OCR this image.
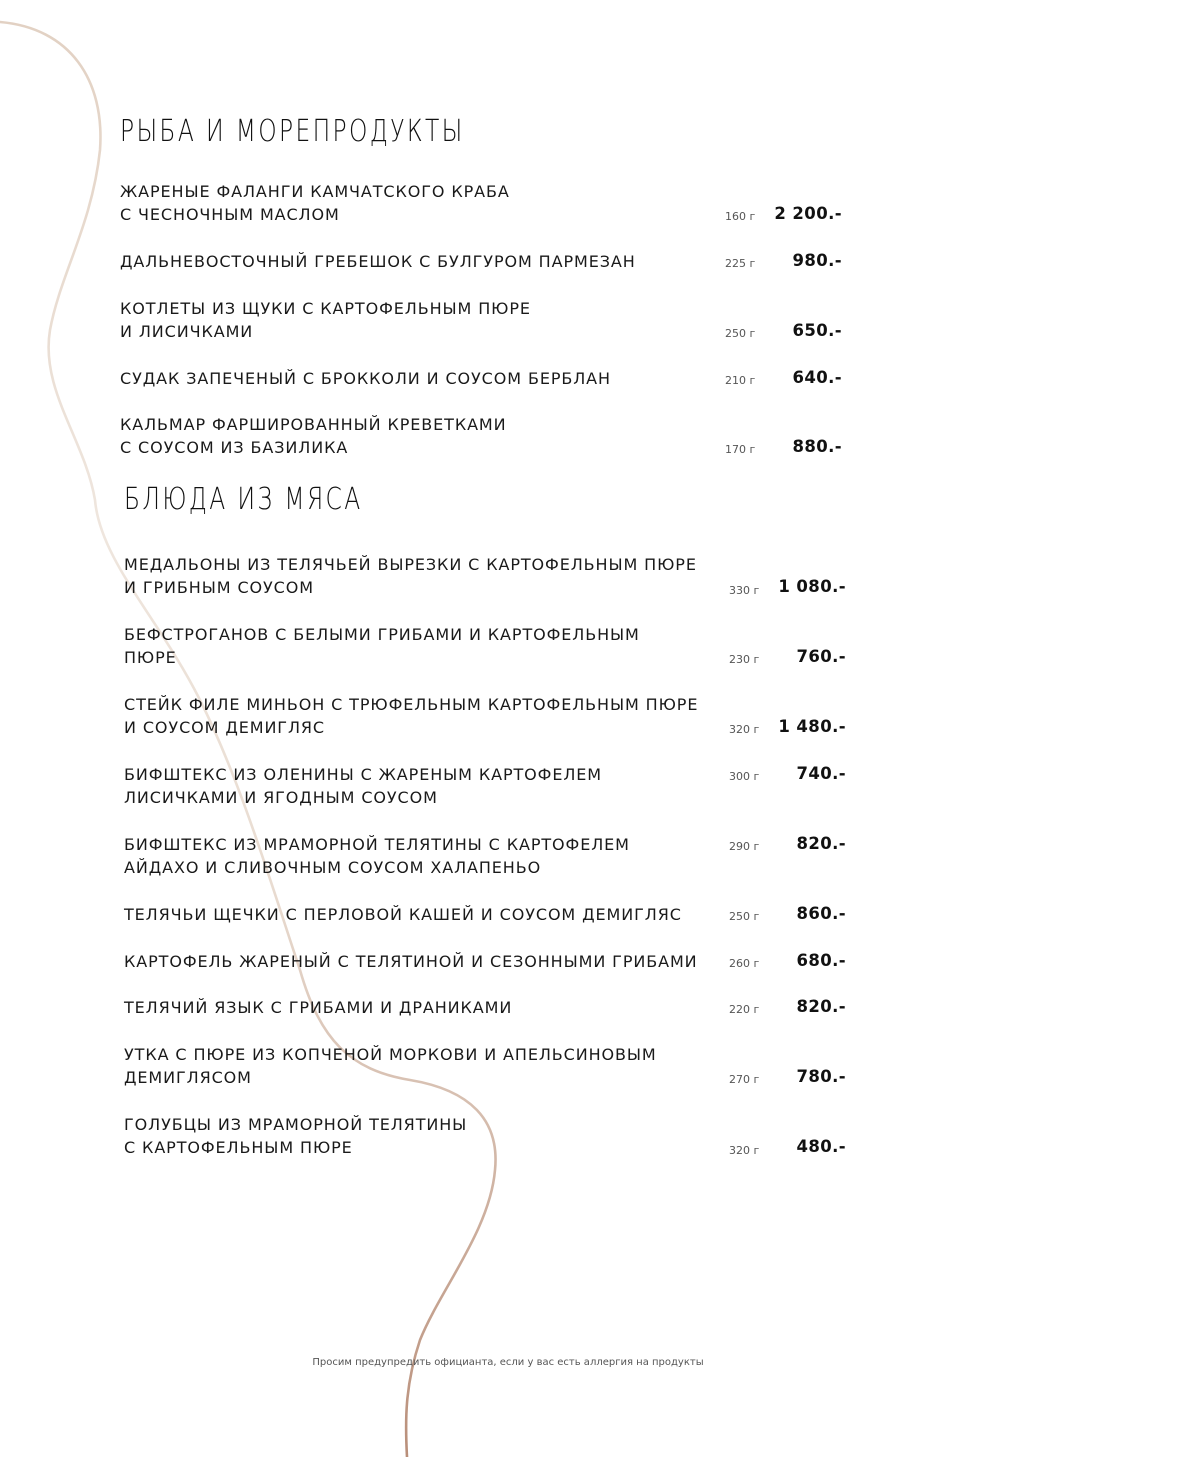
РЫБА И МОРЕПРОДУКТЫ
ЖАРЕНЫЕ ФАЛАНГИ КАМЧАТСКОГО КРАБА
С ЧЕСНОЧНЫМ МАСЛОМ	160 г	2 200.-
ДАЛЬНЕВОСТОЧНЫЙ ГРЕБЕШОК С БУЛГУРОМ ПАРМЕЗАН	225 г	980.-
КОТЛЕТЫ ИЗ ЩУКИ С КАРТОФЕЛЬНЫМ ПЮРЕ
И ЛИСИЧКАМИ	250 г	650.-
СУДАК ЗАПЕЧЕНЫЙ С БРОККОЛИ И СОУСОМ БЕРБЛАН	210 г	640.-
КАЛЬМАР ФАРШИРОВАННЫЙ КРЕВЕТКАМИ
С СОУСОМ ИЗ БАЗИЛИКА	170 г	880.-
БЛЮДА ИЗ МЯСА
МЕДАЛЬОНЫ ИЗ ТЕЛЯЧЬЕЙ ВЫРЕЗКИ С КАРТОФЕЛЬНЫМ ПЮРЕ
И ГРИБНЫМ СОУСОМ	330 г	1 080.-
БЕФСТРОГАНОВ С БЕЛЫМИ ГРИБАМИ И КАРТОФЕЛЬНЫМ
ПЮРЕ	230 г	760.-
СТЕЙК ФИЛЕ МИНЬОН С ТРЮФЕЛЬНЫМ КАРТОФЕЛЬНЫМ ПЮРЕ
И СОУСОМ ДЕМИГЛЯС	320 г	1 480.-
БИФШТЕКС ИЗ ОЛЕНИНЫ С ЖАРЕНЫМ КАРТОФЕЛЕМ
ЛИСИЧКАМИ И ЯГОДНЫМ СОУСОМ
300 г	740.-
БИФШТЕКС ИЗ МРАМОРНОЙ ТЕЛЯТИНЫ С КАРТОФЕЛЕМ
АЙДАХО И СЛИВОЧНЫМ СОУСОМ ХАЛАПЕНЬО
290 г	820.-
ТЕЛЯЧЬИ ЩЕЧКИ С ПЕРЛОВОЙ КАШЕЙ И СОУСОМ ДЕМИГЛЯС	250 г	860.-
КАРТОФЕЛЬ ЖАРЕНЫЙ С ТЕЛЯТИНОЙ И СЕЗОННЫМИ ГРИБАМИ	260 г	680.-
ТЕЛЯЧИЙ ЯЗЫК С ГРИБАМИ И ДРАНИКАМИ	220 г	820.-
УТКА С ПЮРЕ ИЗ КОПЧЕНОЙ МОРКОВИ И АПЕЛЬСИНОВЫМ
ДЕМИГЛЯСОМ	270 г	780.-
ГОЛУБЦЫ ИЗ МРАМОРНОЙ ТЕЛЯТИНЫ
С КАРТОФЕЛЬНЫМ ПЮРЕ	320 г	480.-
Просим предупредить официанта, если у вас есть аллергия на продукты
